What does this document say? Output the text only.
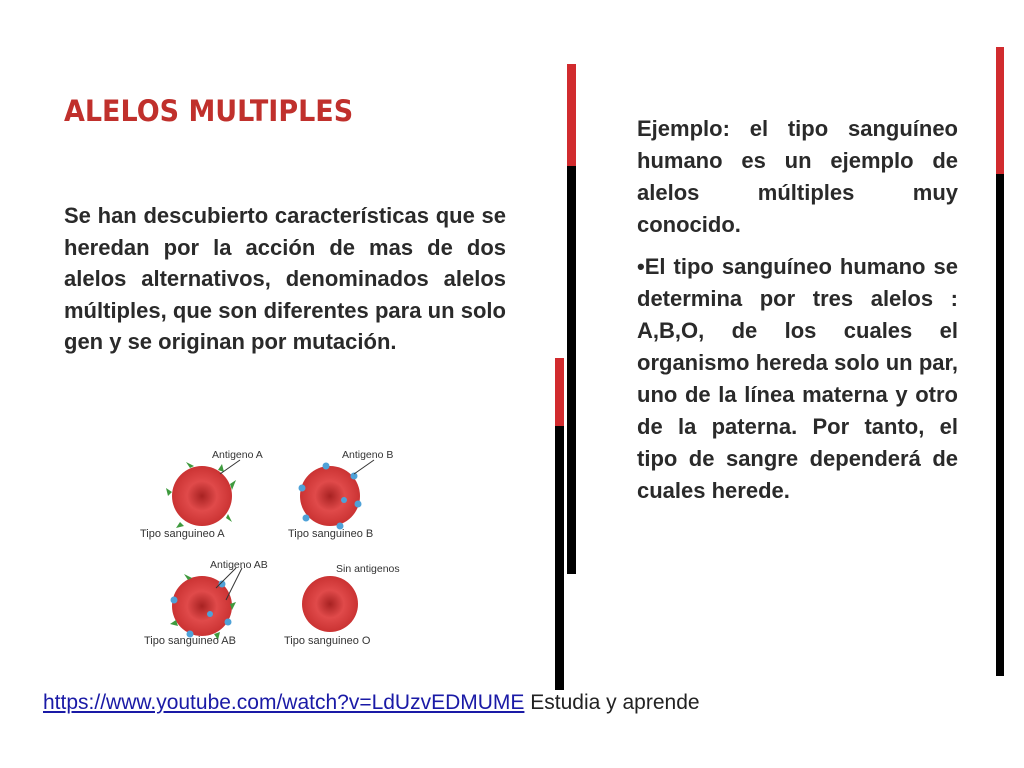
ALELOS MULTIPLES

Se han descubierto características que se heredan por la acción de mas de dos alelos alternativos, denominados alelos múltiples, que son diferentes para un solo gen y se originan por mutación.

Ejemplo: el tipo sanguíneo humano es un ejemplo de alelos múltiples muy conocido.

•El tipo sanguíneo humano se determina por tres alelos : A,B,O, de los cuales el organismo hereda solo un par, uno de la línea materna y otro de la paterna. Por tanto, el tipo de sangre dependerá de cuales herede.

Antigeno A
Tipo sanguineo A
Antigeno B
Tipo sanguineo B
Antigeno AB
Tipo sanguineo AB
Sin antigenos
Tipo sanguineo O
https://www.youtube.com/watch?v=LdUzvEDMUME Estudia y aprende
